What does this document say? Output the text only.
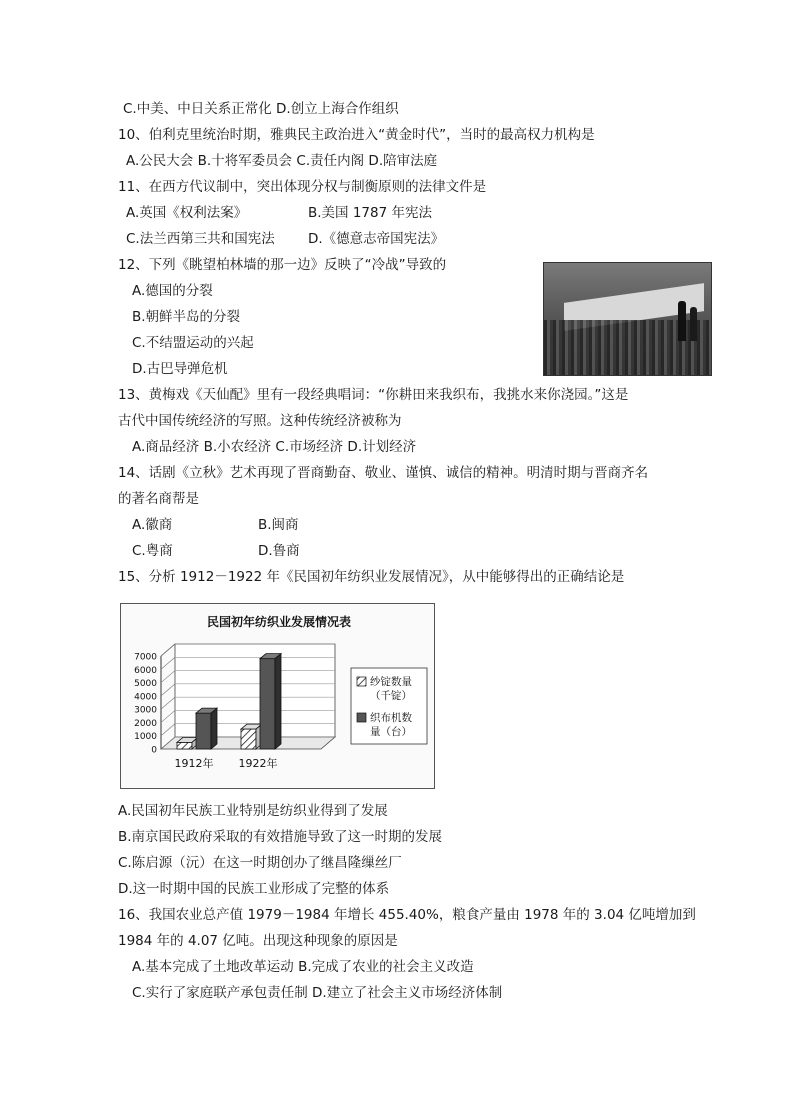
C.中美、中日关系正常化 D.创立上海合作组织
10、伯利克里统治时期，雅典民主政治进入“黄金时代”，当时的最高权力机构是
A.公民大会 B.十将军委员会 C.责任内阁 D.陪审法庭
11、在西方代议制中，突出体现分权与制衡原则的法律文件是
A.英国《权利法案》	B.美国 1787 年宪法
C.法兰西第三共和国宪法 D.《德意志帝国宪法》
12、下列《眺望柏林墙的那一边》反映了“冷战”导致的
A.德国的分裂
B.朝鲜半岛的分裂
C.不结盟运动的兴起
D.古巴导弹危机
13、黄梅戏《天仙配》里有一段经典唱词：“你耕田来我织布，我挑水来你浇园。”这是
古代中国传统经济的写照。这种传统经济被称为
A.商品经济 B.小农经济 C.市场经济 D.计划经济
14、话剧《立秋》艺术再现了晋商勤奋、敬业、谨慎、诚信的精神。明清时期与晋商齐名
的著名商帮是
A.徽商	B.闽商
C.粤商	D.鲁商
15、分析 1912－1922 年《民国初年纺织业发展情况》，从中能够得出的正确结论是
民国初年纺织业发展情况表
0
1000
2000
3000
4000
5000
6000
7000
1912年 1922年
纱锭数量
（千锭）
织布机数
量（台）
A.民国初年民族工业特别是纺织业得到了发展
B.南京国民政府采取的有效措施导致了这一时期的发展
C.陈启源（沅）在这一时期创办了继昌隆缫丝厂
D.这一时期中国的民族工业形成了完整的体系
16、我国农业总产值 1979－1984 年增长 455.40%，粮食产量由 1978 年的 3.04 亿吨增加到
1984 年的 4.07 亿吨。出现这种现象的原因是
A.基本完成了土地改革运动 B.完成了农业的社会主义改造
C.实行了家庭联产承包责任制 D.建立了社会主义市场经济体制
